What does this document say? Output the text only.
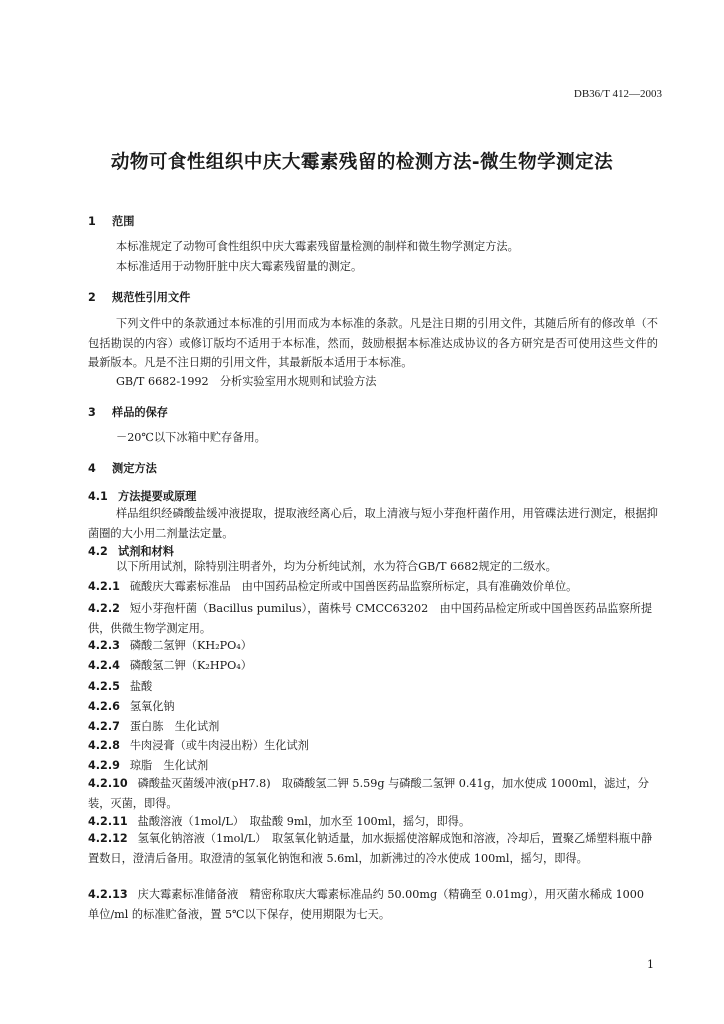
DB36/T 412—2003
动物可食性组织中庆大霉素残留的检测方法-微生物学测定法
1 范围
本标准规定了动物可食性组织中庆大霉素残留量检测的制样和微生物学测定方法。
本标准适用于动物肝脏中庆大霉素残留量的测定。
2 规范性引用文件
下列文件中的条款通过本标准的引用而成为本标准的条款。凡是注日期的引用文件，其随后所有的修改单（不包括勘误的内容）或修订版均不适用于本标准，然而，鼓励根据本标准达成协议的各方研究是否可使用这些文件的最新版本。凡是不注日期的引用文件，其最新版本适用于本标准。
GB/T 6682-1992　分析实验室用水规则和试验方法
3 样品的保存
－20℃以下冰箱中贮存备用。
4 测定方法
4.1 方法提要或原理
样品组织经磷酸盐缓冲液提取，提取液经离心后，取上清液与短小芽孢杆菌作用，用管碟法进行测定，根据抑菌圈的大小用二剂量法定量。
4.2 试剂和材料
以下所用试剂，除特别注明者外，均为分析纯试剂，水为符合GB/T 6682规定的二级水。
4.2.1 硫酸庆大霉素标准品　由中国药品检定所或中国兽医药品监察所标定，具有准确效价单位。
4.2.2 短小芽孢杆菌（Bacillus pumilus），菌株号 CMCC63202　由中国药品检定所或中国兽医药品监察所提供，供微生物学测定用。
4.2.3 磷酸二氢钾（KH₂PO₄）
4.2.4 磷酸氢二钾（K₂HPO₄）
4.2.5 盐酸
4.2.6 氢氧化钠
4.2.7 蛋白胨　生化试剂
4.2.8 牛肉浸膏（或牛肉浸出粉）生化试剂
4.2.9 琼脂　生化试剂
4.2.10 磷酸盐灭菌缓冲液(pH7.8)　取磷酸氢二钾 5.59g 与磷酸二氢钾 0.41g，加水使成 1000ml，滤过，分装，灭菌，即得。
4.2.11 盐酸溶液（1mol/L）　取盐酸 9ml，加水至 100ml，摇匀，即得。
4.2.12 氢氧化钠溶液（1mol/L）　取氢氧化钠适量，加水振摇使溶解成饱和溶液，冷却后，置聚乙烯塑料瓶中静置数日，澄清后备用。取澄清的氢氧化钠饱和液 5.6ml，加新沸过的冷水使成 100ml，摇匀，即得。
4.2.13 庆大霉素标准储备液　精密称取庆大霉素标准品约 50.00mg（精确至 0.01mg），用灭菌水稀成 1000 单位/ml 的标准贮备液，置 5℃以下保存，使用期限为七天。
1
